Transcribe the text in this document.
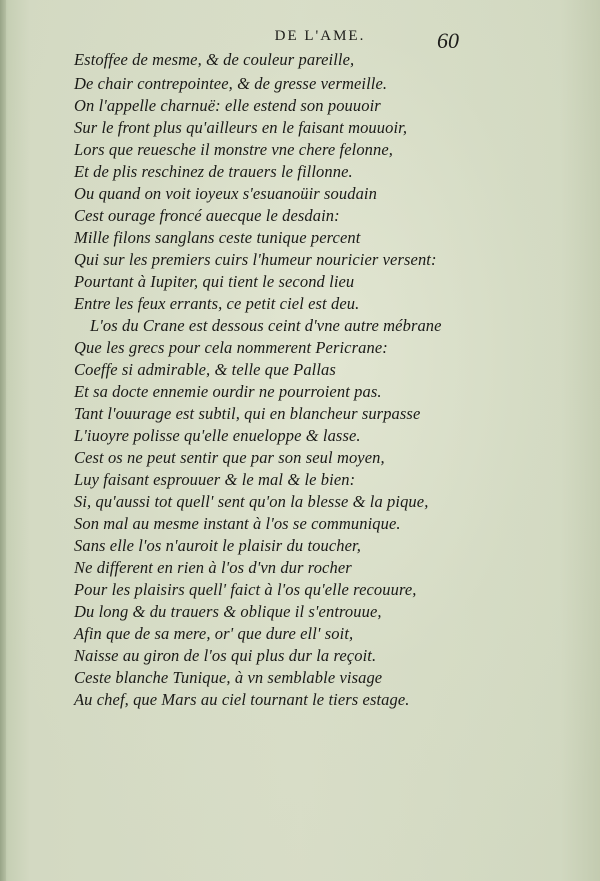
DE L'AME.	60
Estoffee de mesme, & de couleur pareille,
De chair contrepointee, & de gresse vermeille.
On l'appelle charnuë: elle estend son pouuoir
Sur le front plus qu'ailleurs en le faisant mouuoir,
Lors que reuesche il monstre vne chere felonne,
Et de plis reschinez de trauers le fillonne.
Ou quand on voit ioyeux s'esuanoüir soudain
Cest ourage froncé auecque le desdain:
Mille filons sanglans ceste tunique percent
Qui sur les premiers cuirs l'humeur nouricier versent:
Pourtant à Iupiter, qui tient le second lieu
Entre les feux errants, ce petit ciel est deu.
L'os du Crane est dessous ceint d'vne autre mébrane
Que les grecs pour cela nommerent Pericrane:
Coeffe si admirable, & telle que Pallas
Et sa docte ennemie ourdir ne pourroient pas.
Tant l'ouurage est subtil, qui en blancheur surpasse
L'iuoyre polisse qu'elle enueloppe & lasse.
Cest os ne peut sentir que par son seul moyen,
Luy faisant esprouuer & le mal & le bien:
Si, qu'aussi tot quell' sent qu'on la blesse & la pique,
Son mal au mesme instant à l'os se communique.
Sans elle l'os n'auroit le plaisir du toucher,
Ne different en rien à l'os d'vn dur rocher
Pour les plaisirs quell' faict à l'os qu'elle recouure,
Du long & du trauers & oblique il s'entrouue,
Afin que de sa mere, or' que dure ell' soit,
Naisse au giron de l'os qui plus dur la reçoit.
Ceste blanche Tunique, à vn semblable visage
Au chef, que Mars au ciel tournant le tiers estage.
